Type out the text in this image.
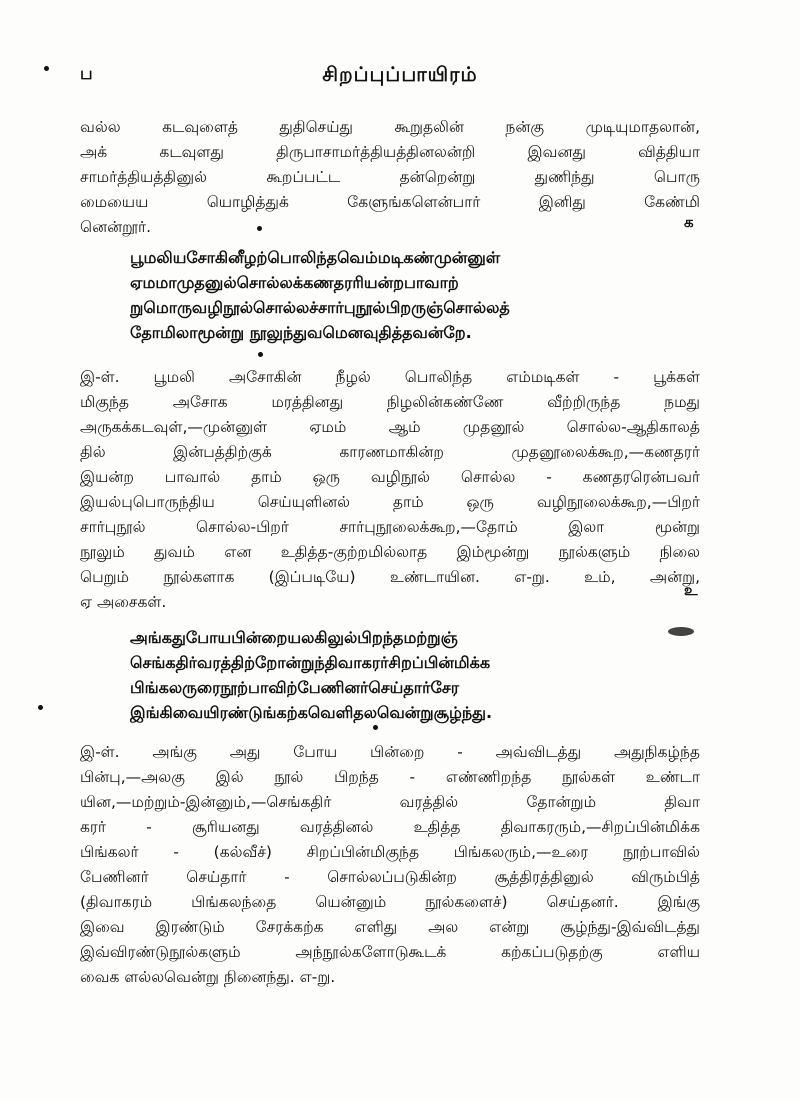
ப	சிறப்புப்பாயிரம்
வல்ல கடவுளைத் துதிசெய்து கூறுதலின் நன்கு முடியுமாதலான்,
அக் கடவுளது திருபாசாமர்த்தியத்தினலன்றி இவனது வித்தியா
சாமர்த்தியத்தினுல் கூறப்பட்ட தன்றென்று துணிந்து பொரு
மையைய யொழித்துக் கேளுங்களென்பார் இனிது கேண்மி
னென்றூர்.	க
பூமலியசோகினீழற்பொலிந்தவெம்மடிகண்முன்னுள்
ஏமமாமுதனுல்சொல்லக்கணதரரியன்றபாவாற்
றுமொருவழிநூல்சொல்லச்சார்புநூல்பிறருஞ்சொல்லத்
தோமிலாமூன்று நூலுந்துவமெனவுதித்தவன்றே.
இ-ள். பூமலி அசோகின் நீழல் பொலிந்த எம்மடிகள் - பூக்கள்
மிகுந்த அசோக மரத்தினது நிழலின்கண்ணே வீற்றிருந்த நமது
அருகக்கடவுள்,—முன்னுள் ஏமம் ஆம் முதனூல் சொல்ல-ஆதிகாலத்
தில் இன்பத்திற்குக் காரணமாகின்ற முதனூலைக்கூற,—கணதரர்
இயன்ற பாவால் தாம் ஒரு வழிநூல் சொல்ல - கணதரரென்பவர்
இயல்புபொருந்திய செய்யுளினல் தாம் ஒரு வழிநூலைக்கூற,—பிறர்
சார்புநூல் சொல்ல-பிறர் சார்புநூலைக்கூற,—தோம் இலா மூன்று
நூலும் துவம் என உதித்த-குற்றமில்லாத இம்மூன்று நூல்களும் நிலை
பெறும் நூல்களாக (இப்படியே) உண்டாயின. எ-று. உம், அன்று,
ஏ அசைகள்.
உ
அங்கதுபோயபின்றையலகிலுல்பிறந்தமற்றுஞ்
செங்கதிர்வரத்திற்றோன்றுந்திவாகரர்சிறப்பின்மிக்க
பிங்கலருரைநூற்பாவிற்பேணினர்செய்தார்சேர
இங்கிவையிரண்டுங்கற்கவெளிதலவென்றுசூழ்ந்து.
இ-ள். அங்கு அது போய பின்றை - அவ்விடத்து அதுநிகழ்ந்த
பின்பு,—அலகு இல் நூல் பிறந்த - எண்ணிறந்த நூல்கள் உண்டா
யின,—மற்றும்-இன்னும்,—செங்கதிர் வரத்தில் தோன்றும் திவா
கரர் - சூரியனது வரத்தினல் உதித்த திவாகரரும்,—சிறப்பின்மிக்க
பிங்கலர் - (கல்வீச்) சிறப்பின்மிகுந்த பிங்கலரும்,—உரை நூற்பாவில்
பேணினர் செய்தார் - சொல்லப்படுகின்ற சூத்திரத்தினுல் விரும்பித்
(திவாகரம் பிங்கலந்தை யென்னும் நூல்களைச்) செய்தனர். இங்கு
இவை இரண்டும் சேரக்கற்க எளிது அல என்று சூழ்ந்து-இவ்விடத்து
இவ்விரண்டுநூல்களும் அந்நூல்களோடுகூடக் கற்கப்படுதற்கு எளிய
வைக ளல்லவென்று நினைந்து. எ-று.
